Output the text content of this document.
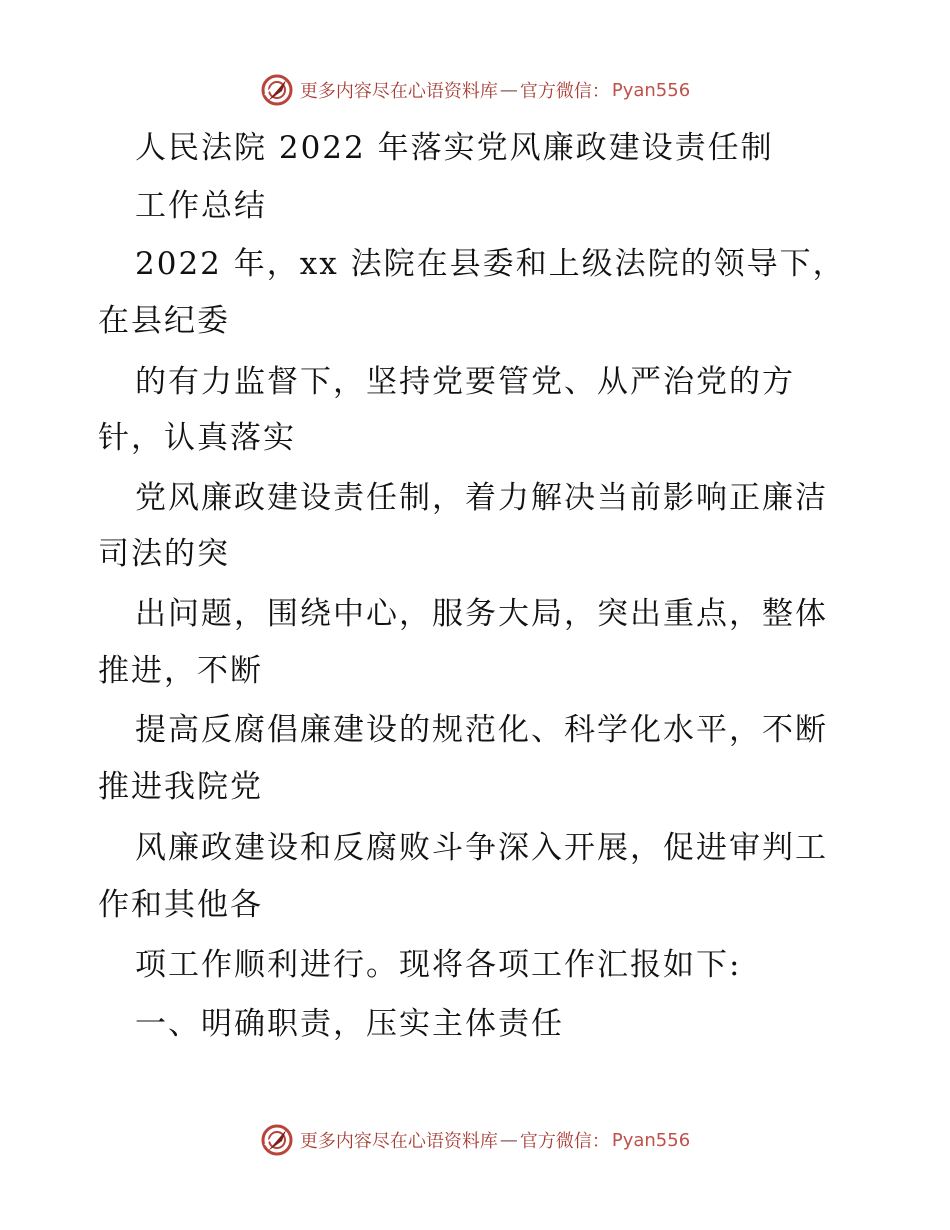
更多内容尽在心语资料库 — 官方微信： Pyan556
人民法院 2022 年落实党风廉政建设责任制
工作总结
2022 年，xx 法院在县委和上级法院的领导下，
在县纪委
的有力监督下，坚持党要管党、从严治党的方
针，认真落实
党风廉政建设责任制，着力解决当前影响正廉洁
司法的突
出问题，围绕中心，服务大局，突出重点，整体
推进，不断
提高反腐倡廉建设的规范化、科学化水平，不断
推进我院党
风廉政建设和反腐败斗争深入开展，促进审判工
作和其他各
项工作顺利进行。现将各项工作汇报如下:
一、明确职责，压实主体责任
更多内容尽在心语资料库 — 官方微信： Pyan556
